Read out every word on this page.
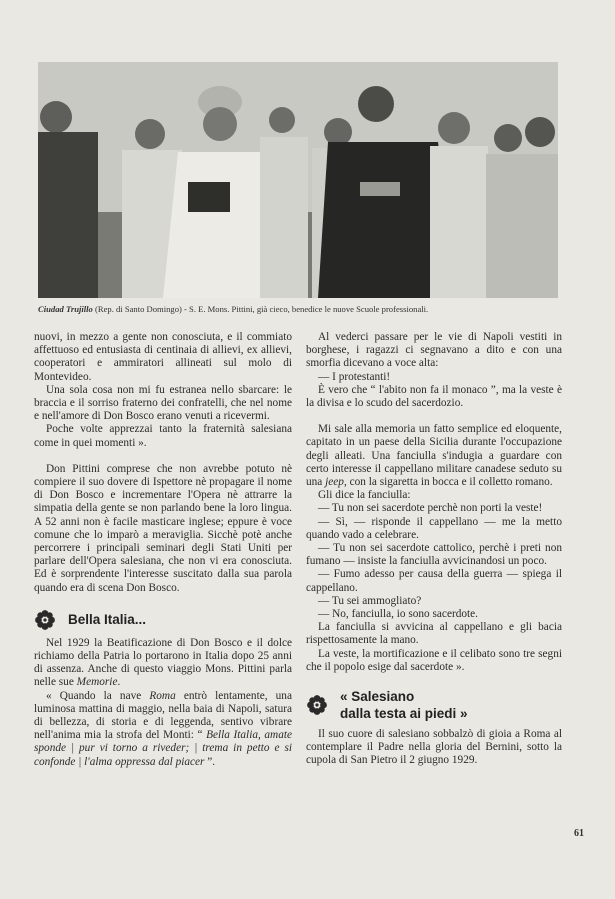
Ciudad Trujillo (Rep. di Santo Domingo) - S. E. Mons. Pittini, già cieco, benedice le nuove Scuole professionali.

nuovi, in mezzo a gente non conosciuta, e il commiato affettuoso ed entusiasta di centinaia di allievi, ex allievi, cooperatori e ammiratori allineati sul molo di Montevideo.

Una sola cosa non mi fu estranea nello sbarcare: le braccia e il sorriso fraterno dei confratelli, che nel nome e nell'amore di Don Bosco erano venuti a ricevermi.

Poche volte apprezzai tanto la fraternità salesiana come in quei momenti ».

Don Pittini comprese che non avrebbe potuto nè compiere il suo dovere di Ispettore nè propagare il nome di Don Bosco e incrementare l'Opera nè attrarre la simpatia della gente se non parlando bene la loro lingua. A 52 anni non è facile masticare inglese; eppure è voce comune che lo imparò a meraviglia. Sicchè potè anche percorrere i principali seminari degli Stati Uniti per parlare dell'Opera salesiana, che non vi era conosciuta. Ed è sorprendente l'interesse suscitato dalla sua parola quando era di scena Don Bosco.

Bella Italia...

Nel 1929 la Beatificazione di Don Bosco e il dolce richiamo della Patria lo portarono in Italia dopo 25 anni di assenza. Anche di questo viaggio Mons. Pittini parla nelle sue Memorie.

« Quando la nave Roma entrò lentamente, una luminosa mattina di maggio, nella baia di Napoli, satura di bellezza, di storia e di leggenda, sentivo vibrare nell'anima mia la strofa del Monti: “ Bella Italia, amate sponde | pur vi torno a riveder; | trema in petto e si confonde | l'alma oppressa dal piacer ”.

Al vederci passare per le vie di Napoli vestiti in borghese, i ragazzi ci segnavano a dito e con una smorfia dicevano a voce alta:

— I protestanti!

È vero che “ l'abito non fa il monaco ”, ma la veste è la divisa e lo scudo del sacerdozio.

Mi sale alla memoria un fatto semplice ed eloquente, capitato in un paese della Sicilia durante l'occupazione degli alleati. Una fanciulla s'indugia a guardare con certo interesse il cappellano militare canadese seduto su una jeep, con la sigaretta in bocca e il colletto romano.

Gli dice la fanciulla:

— Tu non sei sacerdote perchè non porti la veste!

— Sì, — risponde il cappellano — me la metto quando vado a celebrare.

— Tu non sei sacerdote cattolico, perchè i preti non fumano — insiste la fanciulla avvicinandosi un poco.

— Fumo adesso per causa della guerra — spiega il cappellano.

— Tu sei ammogliato?

— No, fanciulla, io sono sacerdote.

La fanciulla si avvicina al cappellano e gli bacia rispettosamente la mano.

La veste, la mortificazione e il celibato sono tre segni che il popolo esige dal sacerdote ».

« Salesiano
dalla testa ai piedi »

Il suo cuore di salesiano sobbalzò di gioia a Roma al contemplare il Padre nella gloria del Bernini, sotto la cupola di San Pietro il 2 giugno 1929.

61
